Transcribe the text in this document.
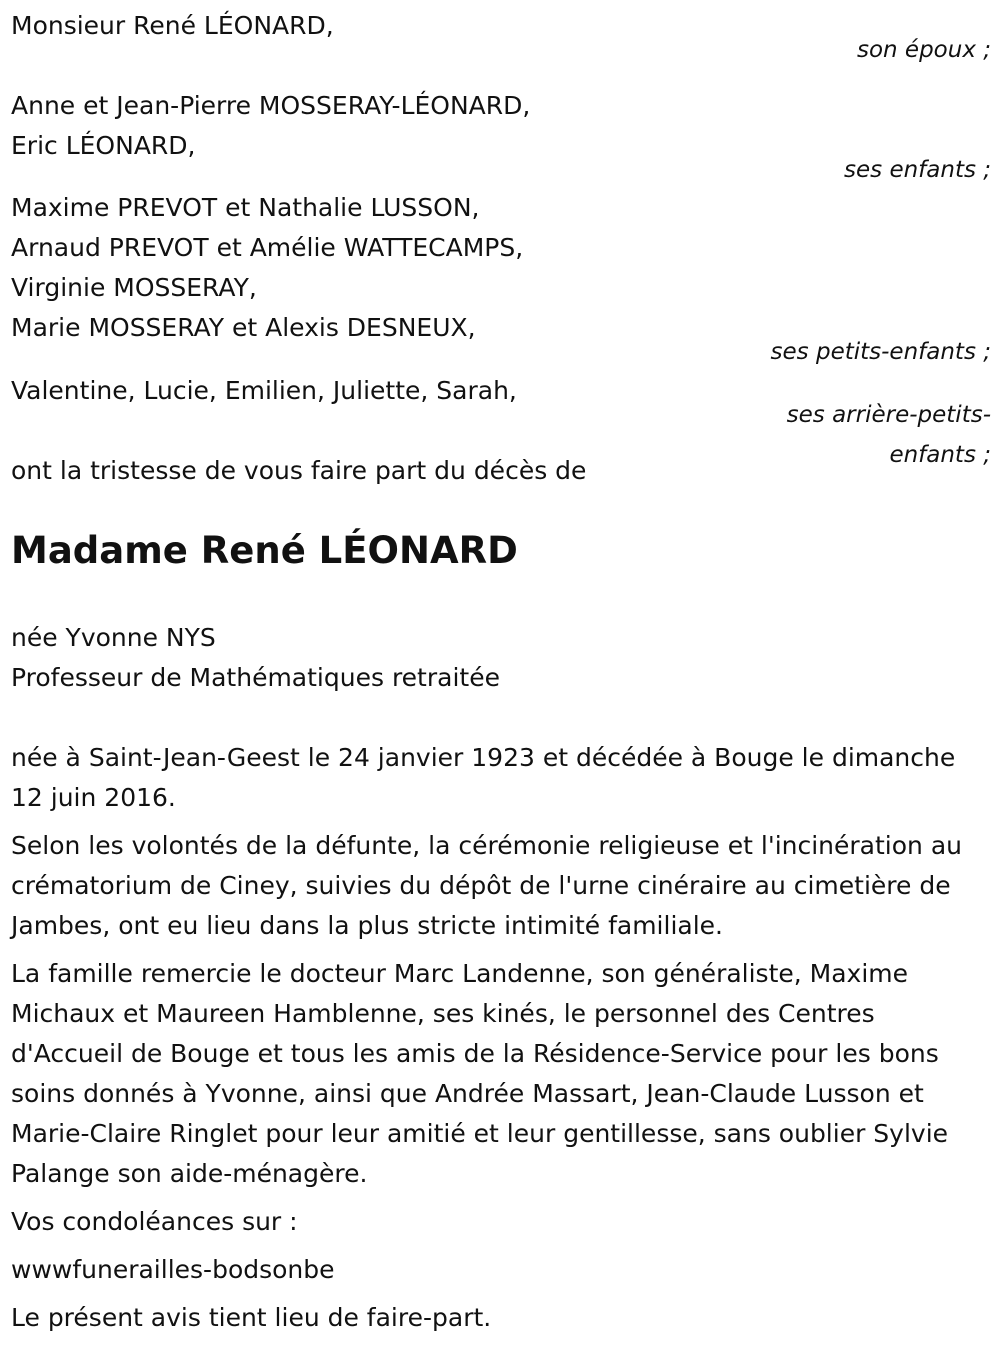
Monsieur René LÉONARD,

son époux ;

Anne et Jean-Pierre MOSSERAY-LÉONARD,

Eric LÉONARD,

ses enfants ;

Maxime PREVOT et Nathalie LUSSON,

Arnaud PREVOT et Amélie WATTECAMPS,

Virginie MOSSERAY,

Marie MOSSERAY et Alexis DESNEUX,

ses petits-enfants ;

Valentine, Lucie, Emilien, Juliette, Sarah,

ses arrière-petits-
enfants ;

ont la tristesse de vous faire part du décès de

Madame René LÉONARD

née Yvonne NYS

Professeur de Mathématiques retraitée

née à Saint-Jean-Geest le 24 janvier 1923 et décédée à Bouge le dimanche 12 juin 2016.

Selon les volontés de la défunte, la cérémonie religieuse et l'incinération au crématorium de Ciney, suivies du dépôt de l'urne cinéraire au cimetière de Jambes, ont eu lieu dans la plus stricte intimité familiale.

La famille remercie le docteur Marc Landenne, son généraliste, Maxime Michaux et Maureen Hamblenne, ses kinés, le personnel des Centres d'Accueil de Bouge et tous les amis de la Résidence-Service pour les bons soins donnés à Yvonne, ainsi que Andrée Massart, Jean-Claude Lusson et Marie-Claire Ringlet pour leur amitié et leur gentillesse, sans oublier Sylvie Palange son aide-ménagère.

Vos condoléances sur :

wwwfunerailles-bodsonbe

Le présent avis tient lieu de faire-part.
